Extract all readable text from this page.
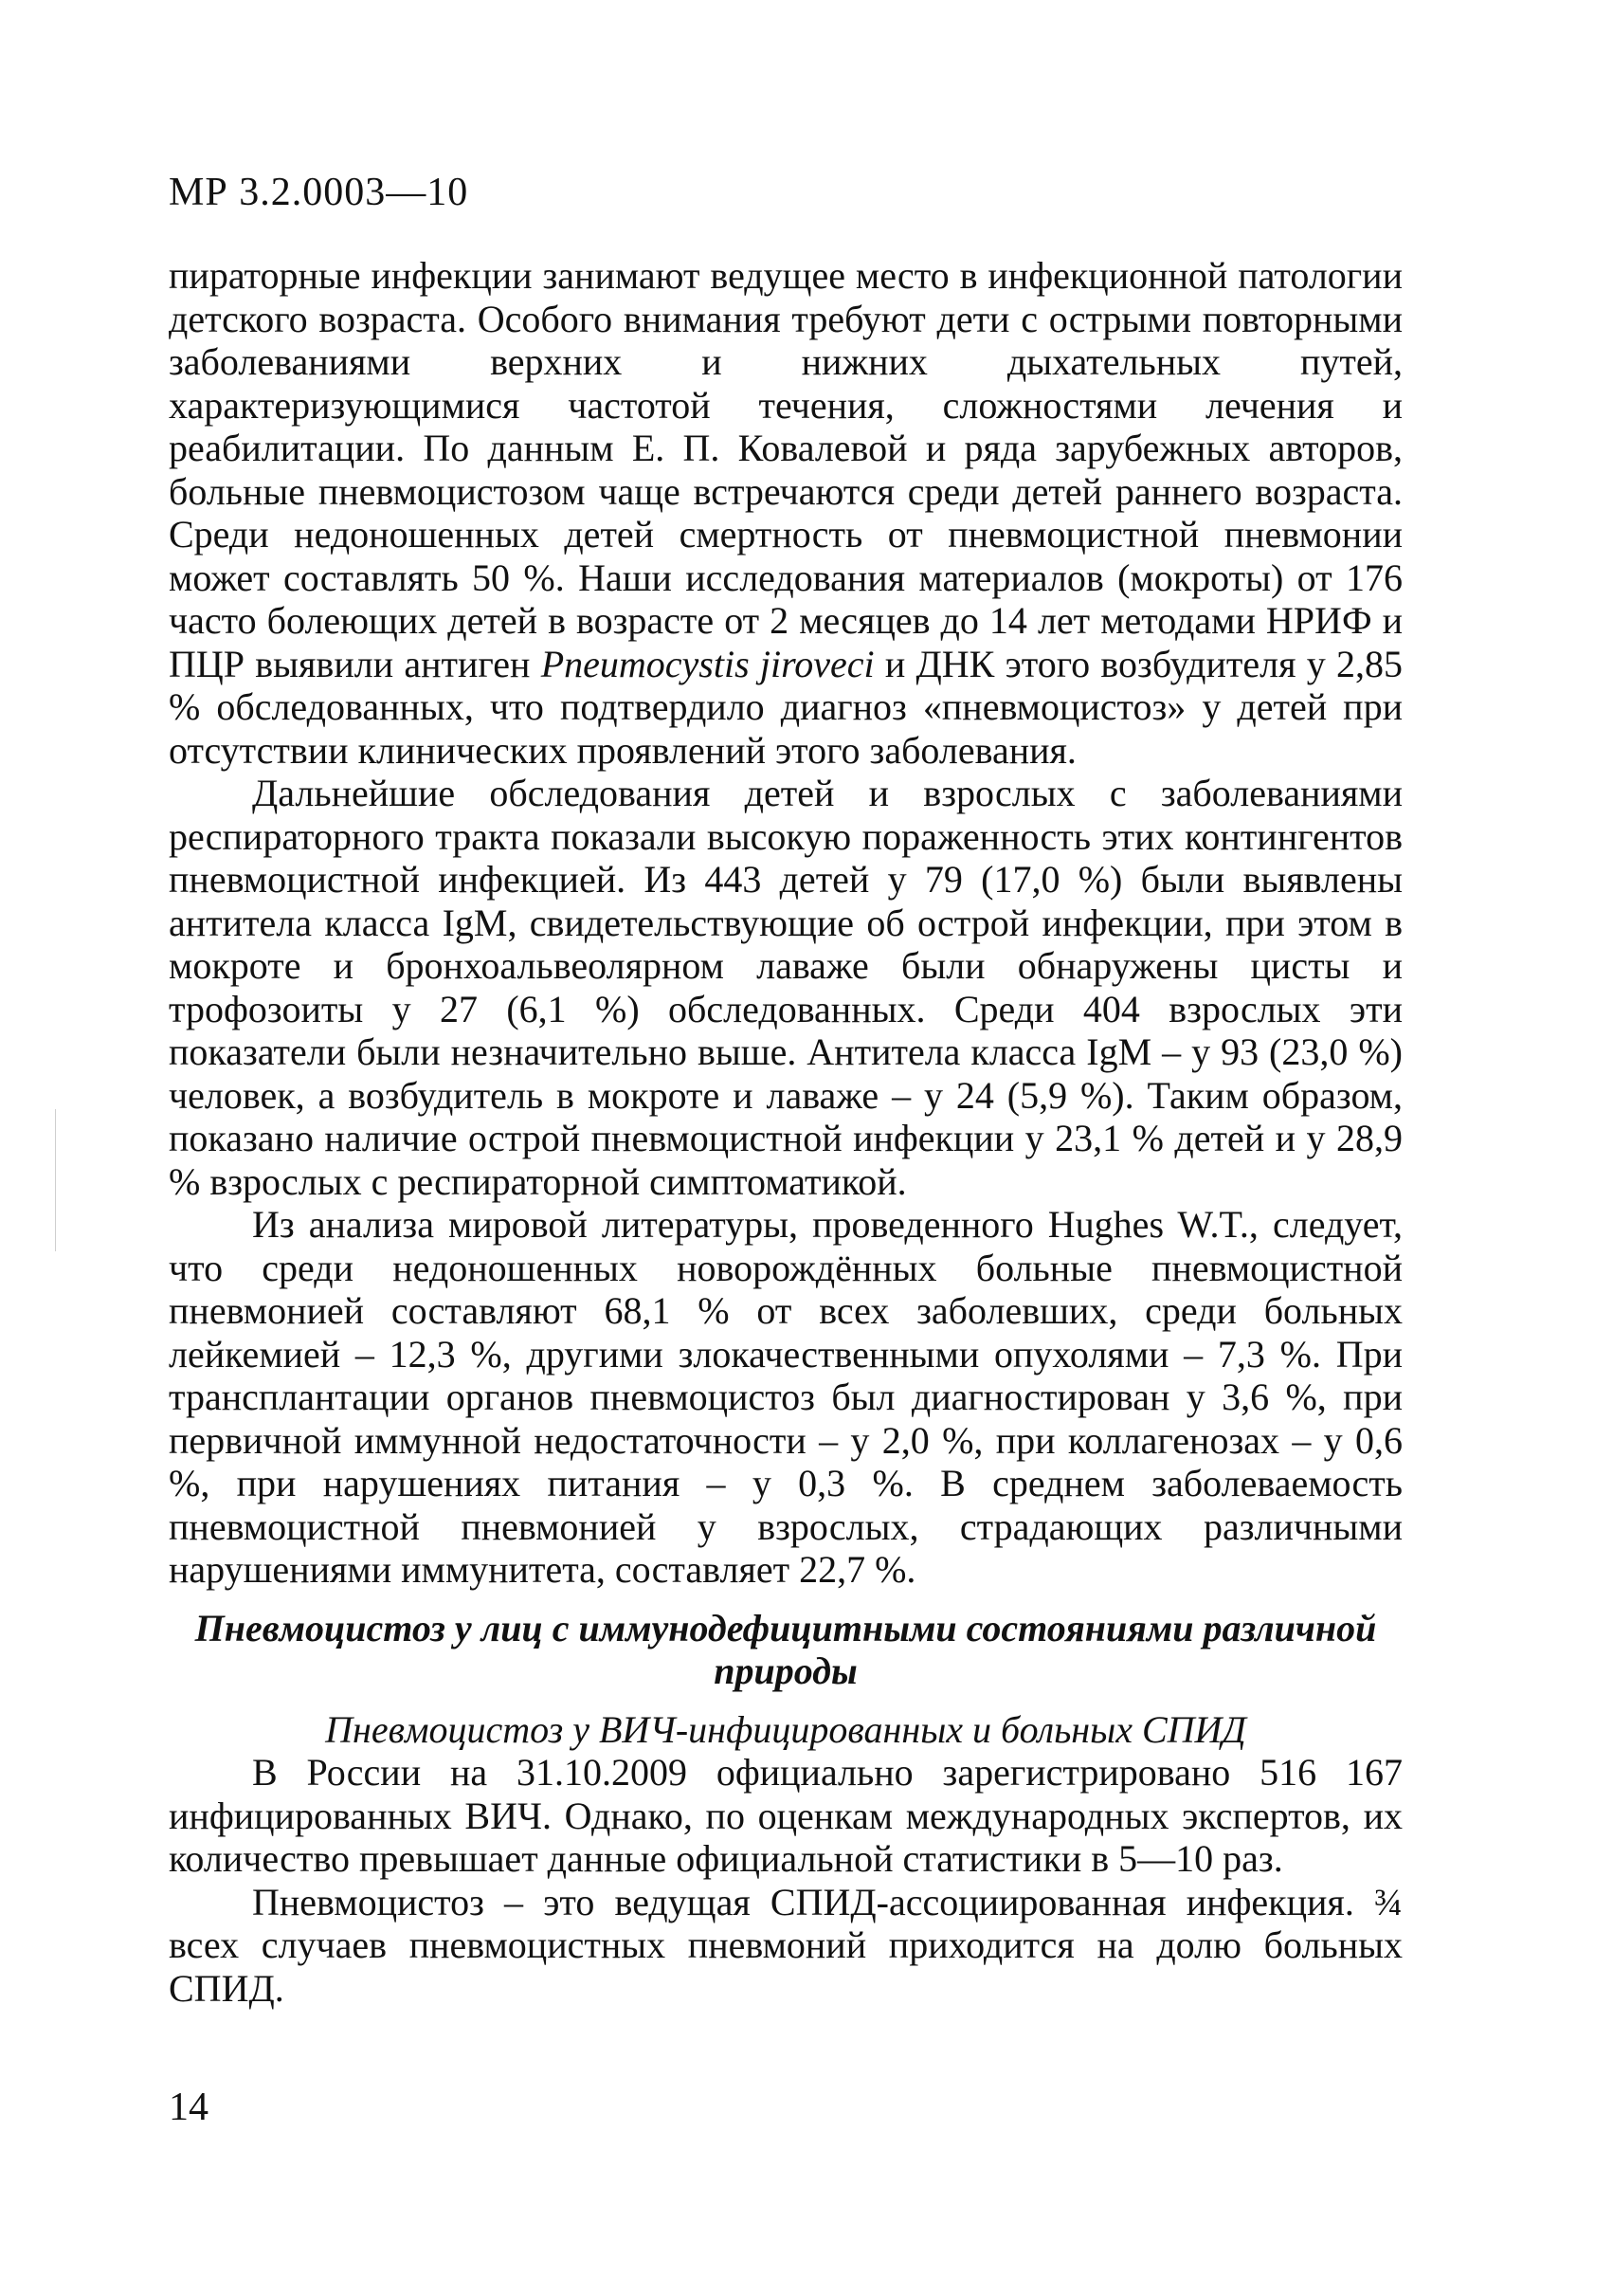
МР 3.2.0003—10

пираторные инфекции занимают ведущее место в инфекционной патологии детского возраста. Особого внимания требуют дети с острыми повторными заболеваниями верхних и нижних дыхательных путей, характеризующимися частотой течения, сложностями лечения и реабилитации. По данным Е. П. Ковалевой и ряда зарубежных авторов, больные пневмоцистозом чаще встречаются среди детей раннего возраста. Среди недоношенных детей смертность от пневмоцистной пневмонии может составлять 50 %. Наши исследования материалов (мокроты) от 176 часто болеющих детей в возрасте от 2 месяцев до 14 лет методами НРИФ и ПЦР выявили антиген Pneumocystis jiroveci и ДНК этого возбудителя у 2,85 % обследованных, что подтвердило диагноз «пневмоцистоз» у детей при отсутствии клинических проявлений этого заболевания.

Дальнейшие обследования детей и взрослых с заболеваниями респираторного тракта показали высокую пораженность этих контингентов пневмоцистной инфекцией. Из 443 детей у 79 (17,0 %) были выявлены антитела класса IgM, свидетельствующие об острой инфекции, при этом в мокроте и бронхоальвеолярном лаваже были обнаружены цисты и трофозоиты у 27 (6,1 %) обследованных. Среди 404 взрослых эти показатели были незначительно выше. Антитела класса IgM – у 93 (23,0 %) человек, а возбудитель в мокроте и лаваже – у 24 (5,9 %). Таким образом, показано наличие острой пневмоцистной инфекции у 23,1 % детей и у 28,9 % взрослых с респираторной симптоматикой.

Из анализа мировой литературы, проведенного Hughes W.T., следует, что среди недоношенных новорождённых больные пневмоцистной пневмонией составляют 68,1 % от всех заболевших, среди больных лейкемией – 12,3 %, другими злокачественными опухолями – 7,3 %. При трансплантации органов пневмоцистоз был диагностирован у 3,6 %, при первичной иммунной недостаточности – у 2,0 %, при коллагенозах – у 0,6 %, при нарушениях питания – у 0,3 %. В среднем заболеваемость пневмоцистной пневмонией у взрослых, страдающих различными нарушениями иммунитета, составляет 22,7 %.

Пневмоцистоз у лиц с иммунодефицитными состояниями различной природы
Пневмоцистоз у ВИЧ-инфицированных и больных СПИД

В России на 31.10.2009 официально зарегистрировано 516 167 инфицированных ВИЧ. Однако, по оценкам международных экспертов, их количество превышает данные официальной статистики в 5—10 раз.

Пневмоцистоз – это ведущая СПИД-ассоциированная инфекция. ¾ всех случаев пневмоцистных пневмоний приходится на долю больных СПИД.

14
